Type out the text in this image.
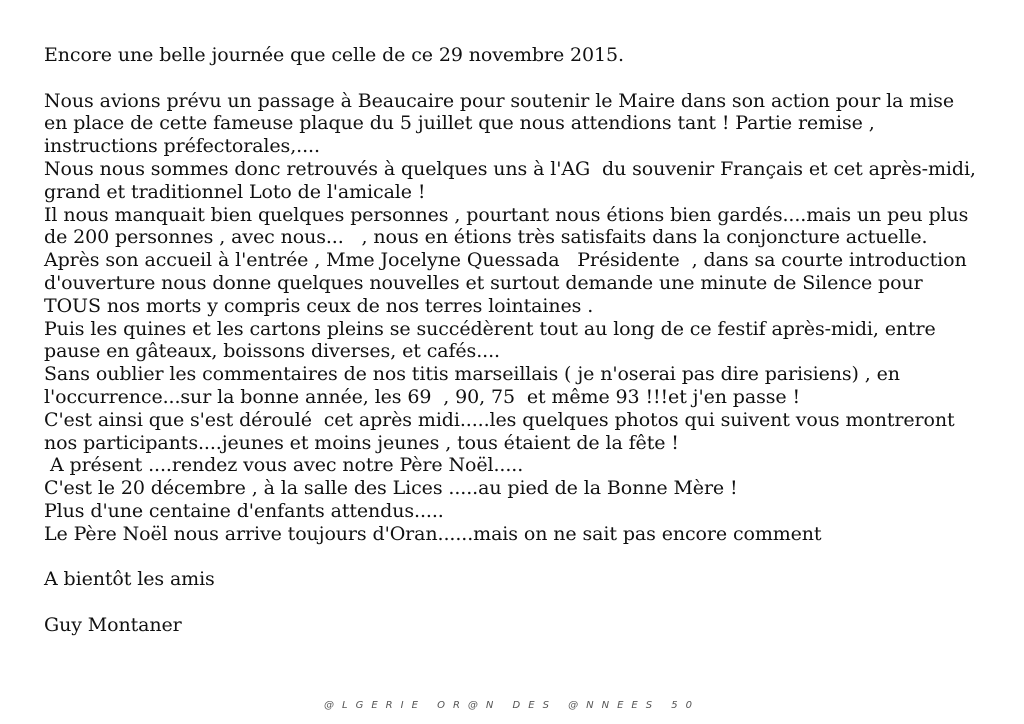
Encore une belle journée que celle de ce 29 novembre 2015.
Nous avions prévu un passage à Beaucaire pour soutenir le Maire dans son action pour la mise
en place de cette fameuse plaque du 5 juillet que nous attendions tant ! Partie remise ,
instructions préfectorales,....
Nous nous sommes donc retrouvés à quelques uns à l'AG  du souvenir Français et cet après-midi,
grand et traditionnel Loto de l'amicale !
Il nous manquait bien quelques personnes , pourtant nous étions bien gardés....mais un peu plus
de 200 personnes , avec nous...   , nous en étions très satisfaits dans la conjoncture actuelle.
Après son accueil à l'entrée , Mme Jocelyne Quessada   Présidente  , dans sa courte introduction
d'ouverture nous donne quelques nouvelles et surtout demande une minute de Silence pour
TOUS nos morts y compris ceux de nos terres lointaines .
Puis les quines et les cartons pleins se succédèrent tout au long de ce festif après-midi, entre
pause en gâteaux, boissons diverses, et cafés....
Sans oublier les commentaires de nos titis marseillais ( je n'oserai pas dire parisiens) , en
l'occurrence...sur la bonne année, les 69  , 90, 75  et même 93 !!!et j'en passe !
C'est ainsi que s'est déroulé  cet après midi.....les quelques photos qui suivent vous montreront
nos participants....jeunes et moins jeunes , tous étaient de la fête !
A présent ....rendez vous avec notre Père Noël.....
C'est le 20 décembre , à la salle des Lices .....au pied de la Bonne Mère !
Plus d'une centaine d'enfants attendus.....
Le Père Noël nous arrive toujours d'Oran......mais on ne sait pas encore comment
A bientôt les amis
Guy Montaner
@LGERIE OR@N DES @NNEES 50
